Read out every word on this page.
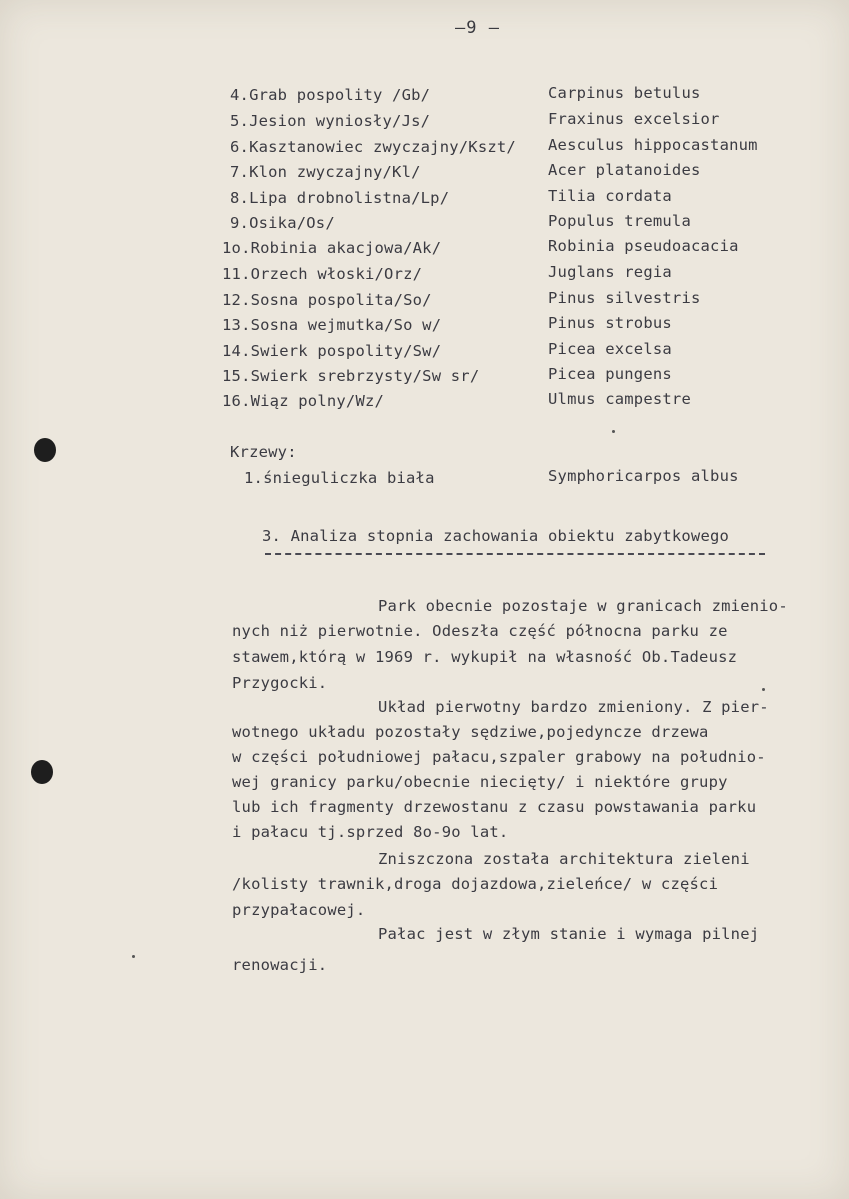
—9 —
4.Grab pospolity /Gb/	Carpinus betulus
5.Jesion wyniosły/Js/	Fraxinus excelsior
6.Kasztanowiec zwyczajny/Kszt/ Aesculus hippocastanum
7.Klon zwyczajny/Kl/	Acer platanoides
8.Lipa drobnolistna/Lp/	Tilia cordata
9.Osika/Os/	Populus tremula
1o.Robinia akacjowa/Ak/	Robinia pseudoacacia
11.Orzech włoski/Orz/	Juglans regia
12.Sosna pospolita/So/	Pinus silvestris
13.Sosna wejmutka/So w/	Pinus strobus
14.Swierk pospolity/Sw/	Picea excelsa
15.Swierk srebrzysty/Sw sr/	Picea pungens
16.Wiąz polny/Wz/	Ulmus campestre
Krzewy:
1.śnieguliczka biała	Symphoricarpos albus
3. Analiza stopnia zachowania obiektu zabytkowego
Park obecnie pozostaje w granicach zmienio-
nych niż pierwotnie. Odeszła część północna parku ze
stawem,którą w 1969 r. wykupił na własność Ob.Tadeusz
Przygocki.
Układ pierwotny bardzo zmieniony. Z pier-
wotnego układu pozostały sędziwe,pojedyncze drzewa
w części południowej pałacu,szpaler grabowy na południo-
wej granicy parku/obecnie niecięty/ i niektóre grupy
lub ich fragmenty drzewostanu z czasu powstawania parku
i pałacu tj.sprzed 8o-9o lat.
Zniszczona została architektura zieleni
/kolisty trawnik,droga dojazdowa,zieleńce/ w części
przypałacowej.
Pałac jest w złym stanie i wymaga pilnej
renowacji.
